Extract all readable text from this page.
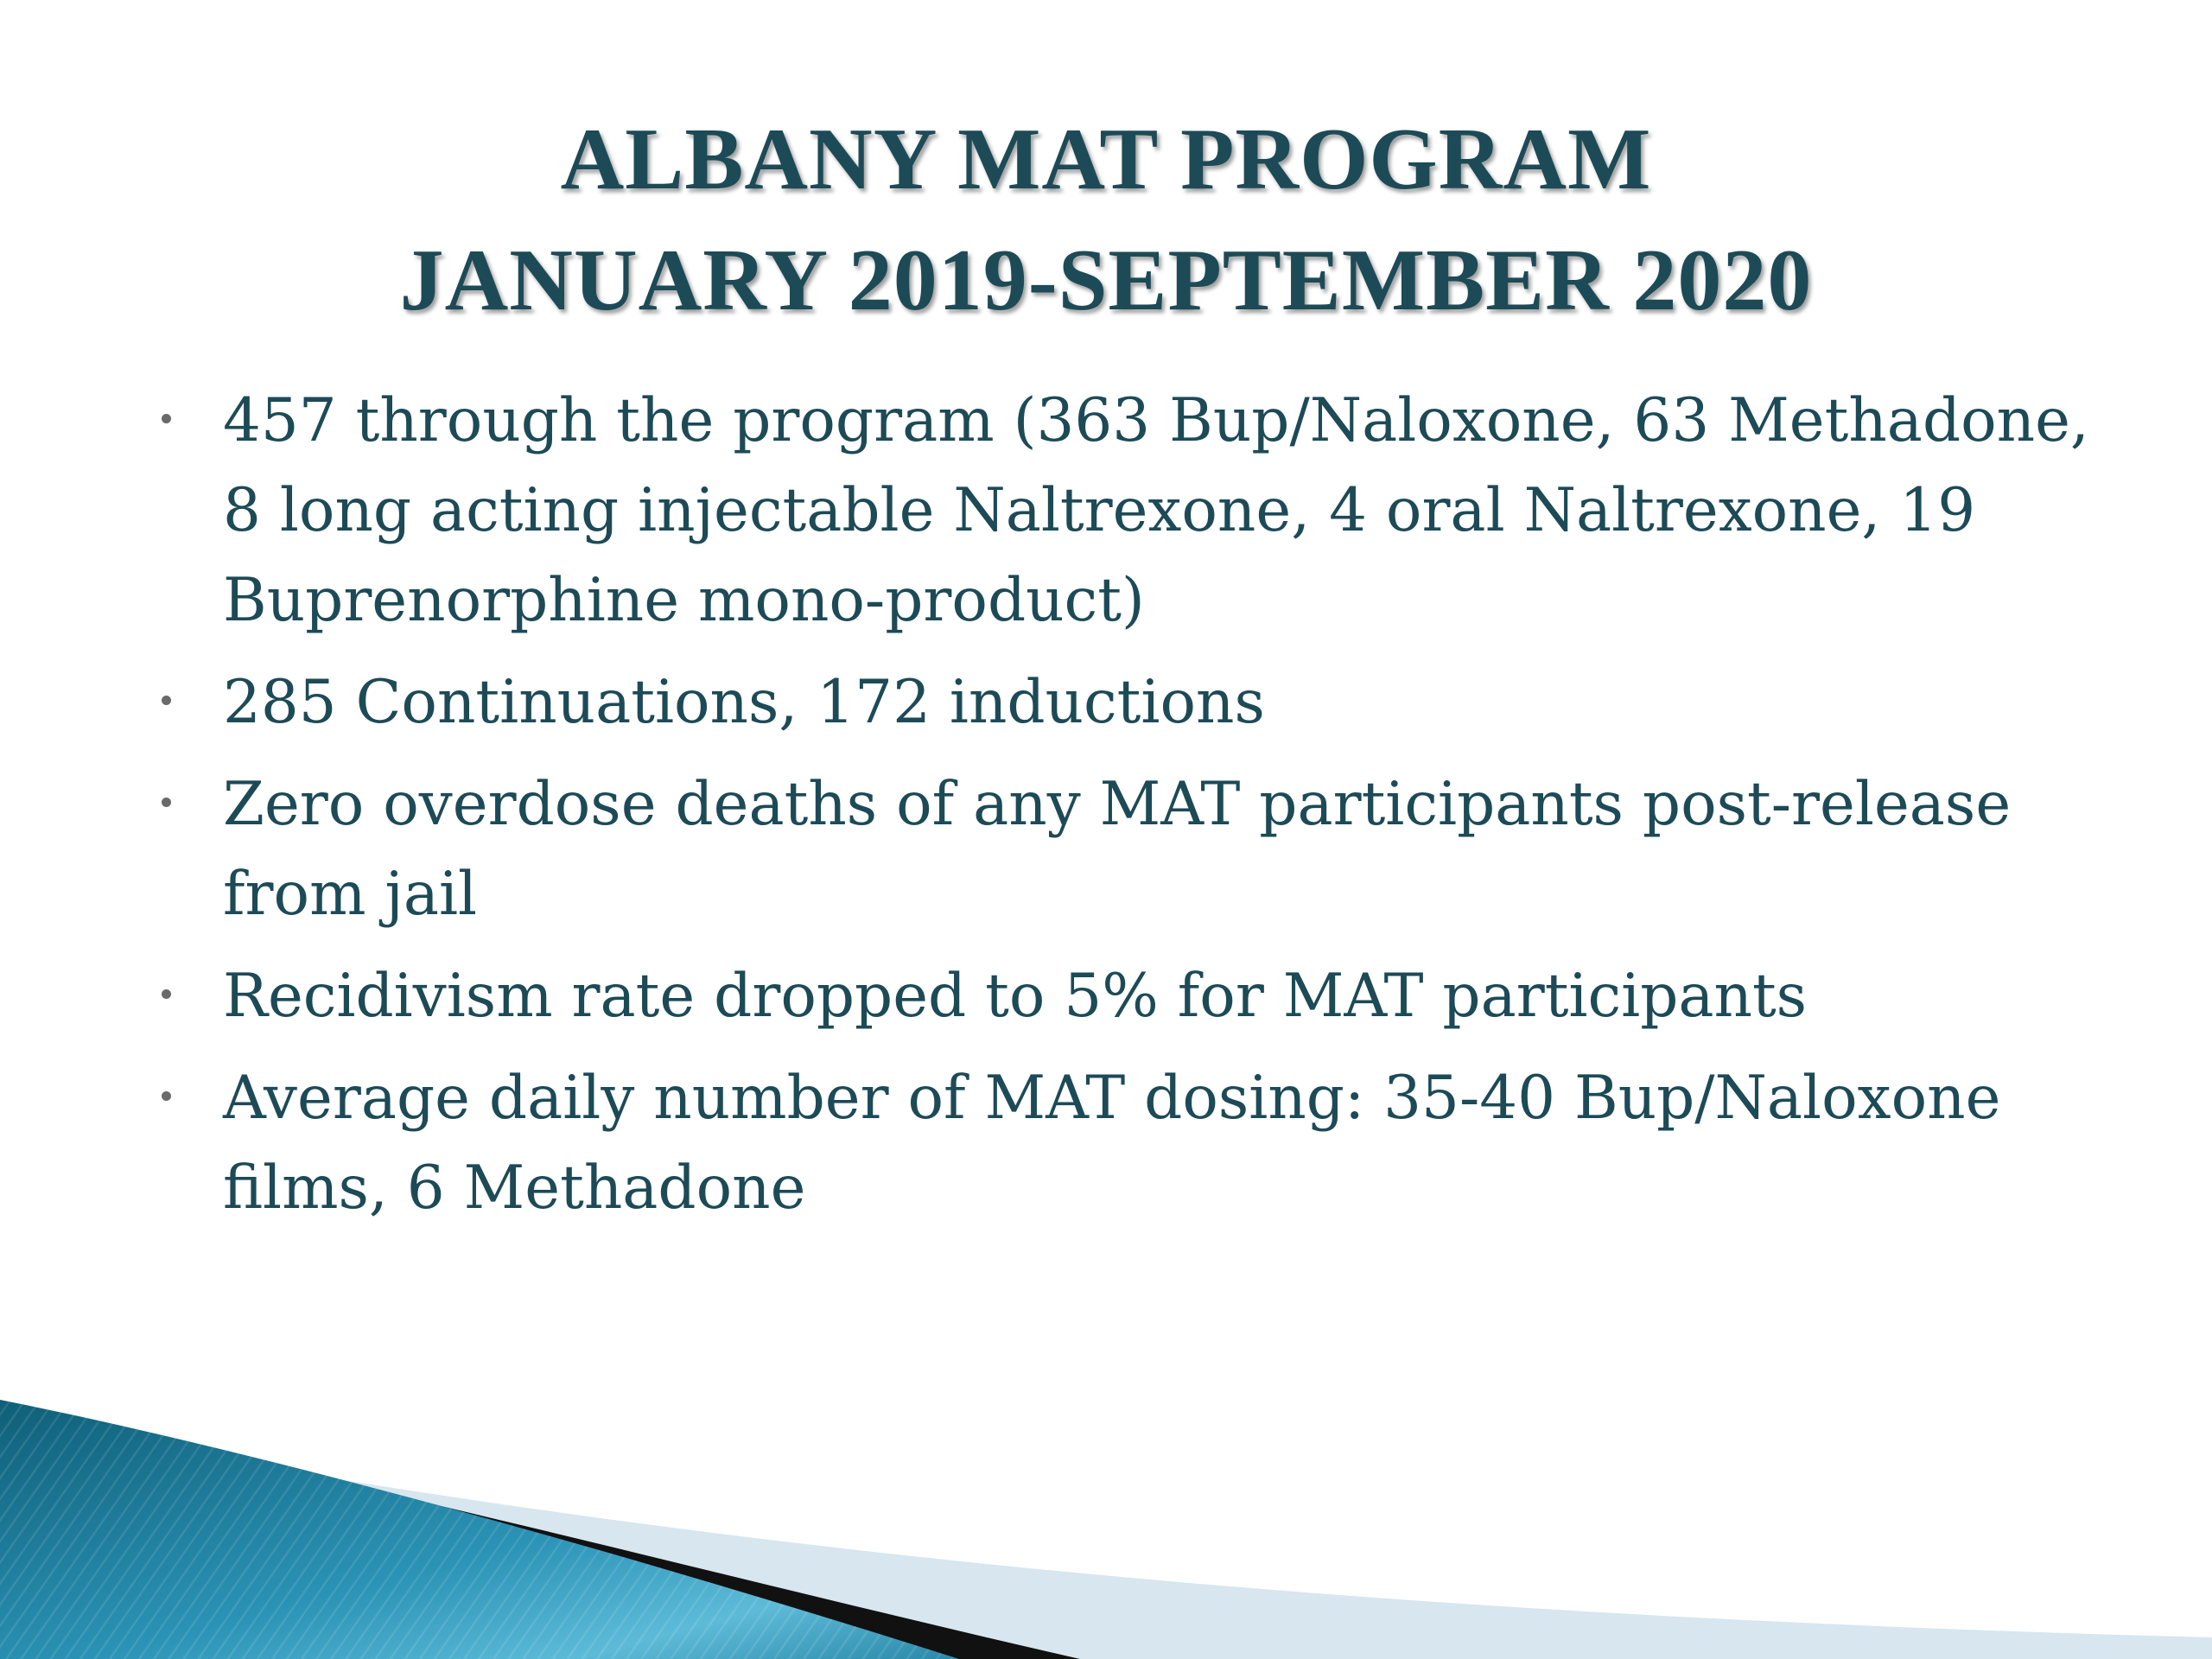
ALBANY MAT PROGRAM
JANUARY 2019-SEPTEMBER 2020
457 through the program (363 Bup/Naloxone, 63 Methadone, 8 long acting injectable Naltrexone, 4 oral Naltrexone, 19 Buprenorphine mono-product)
285 Continuations, 172 inductions
Zero overdose deaths of any MAT participants post-release from jail
Recidivism rate dropped to 5% for MAT participants
Average daily number of MAT dosing: 35-40 Bup/Naloxone films, 6 Methadone
